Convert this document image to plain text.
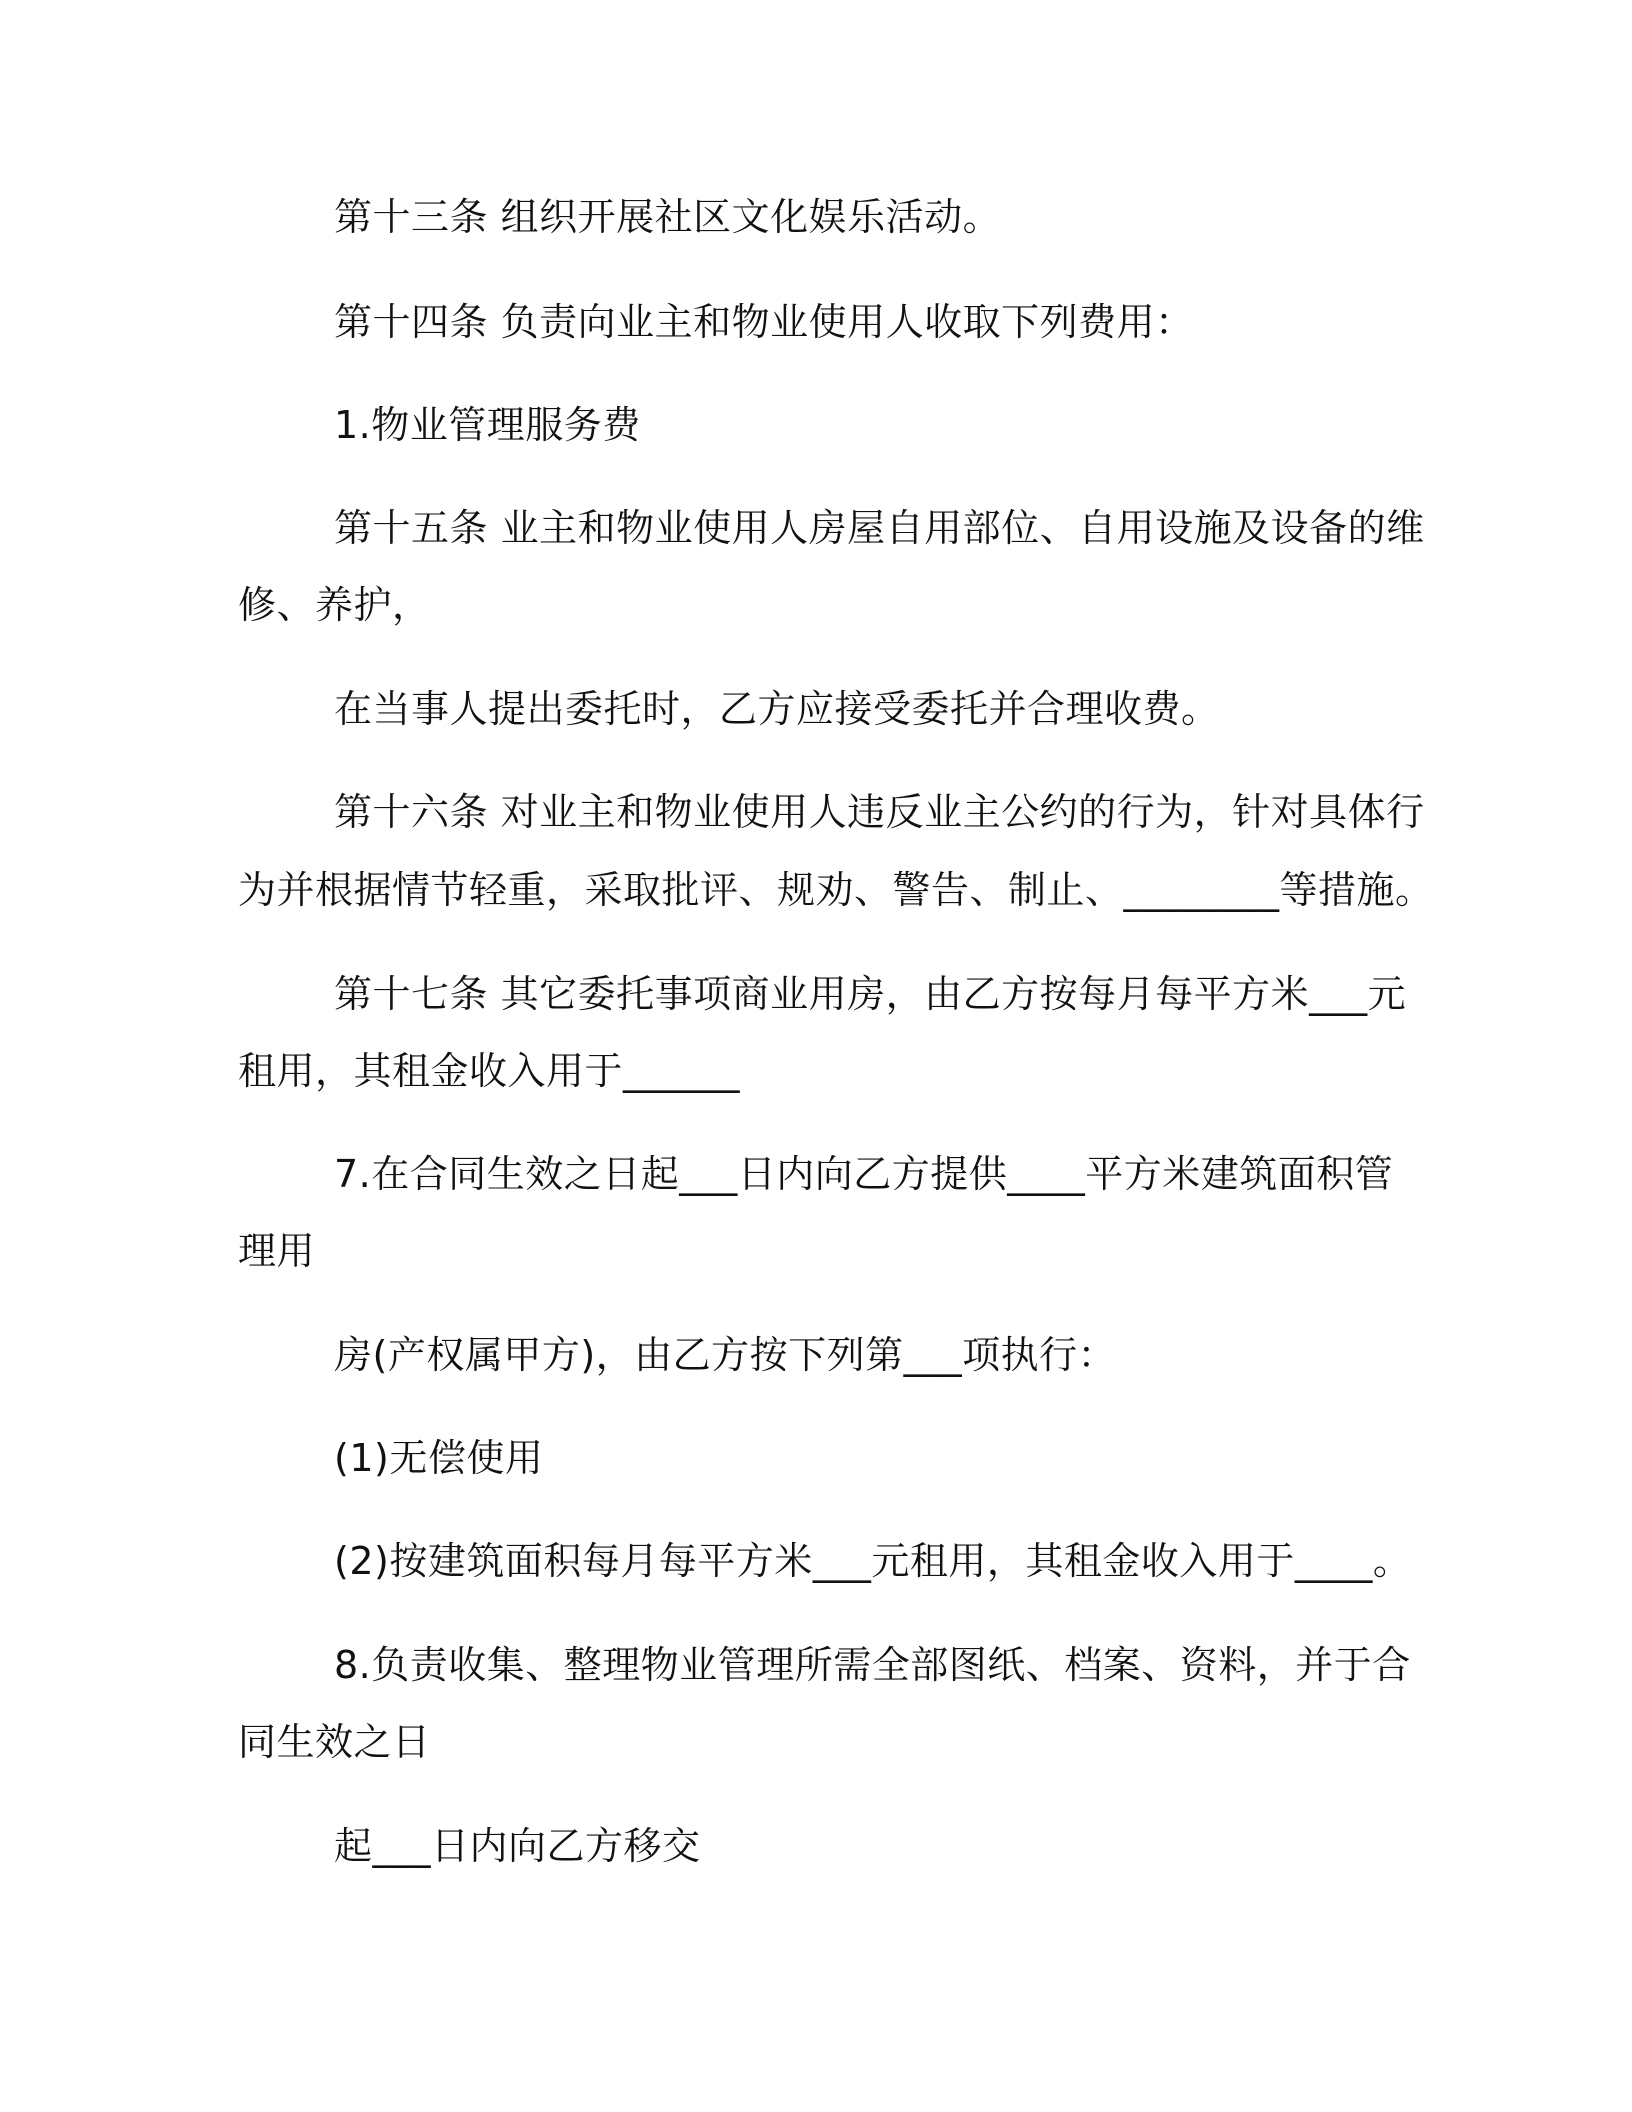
第十三条 组织开展社区文化娱乐活动。
第十四条 负责向业主和物业使用人收取下列费用：
1.物业管理服务费
第十五条 业主和物业使用人房屋自用部位、自用设施及设备的维
修、养护，
在当事人提出委托时，乙方应接受委托并合理收费。
第十六条 对业主和物业使用人违反业主公约的行为，针对具体行
为并根据情节轻重，采取批评、规劝、警告、制止、________等措施。
第十七条 其它委托事项商业用房，由乙方按每月每平方米___元
租用，其租金收入用于______
7.在合同生效之日起___日内向乙方提供____平方米建筑面积管
理用
房(产权属甲方)，由乙方按下列第___项执行：
(1)无偿使用
(2)按建筑面积每月每平方米___元租用，其租金收入用于____。
8.负责收集、整理物业管理所需全部图纸、档案、资料，并于合
同生效之日
起___日内向乙方移交
